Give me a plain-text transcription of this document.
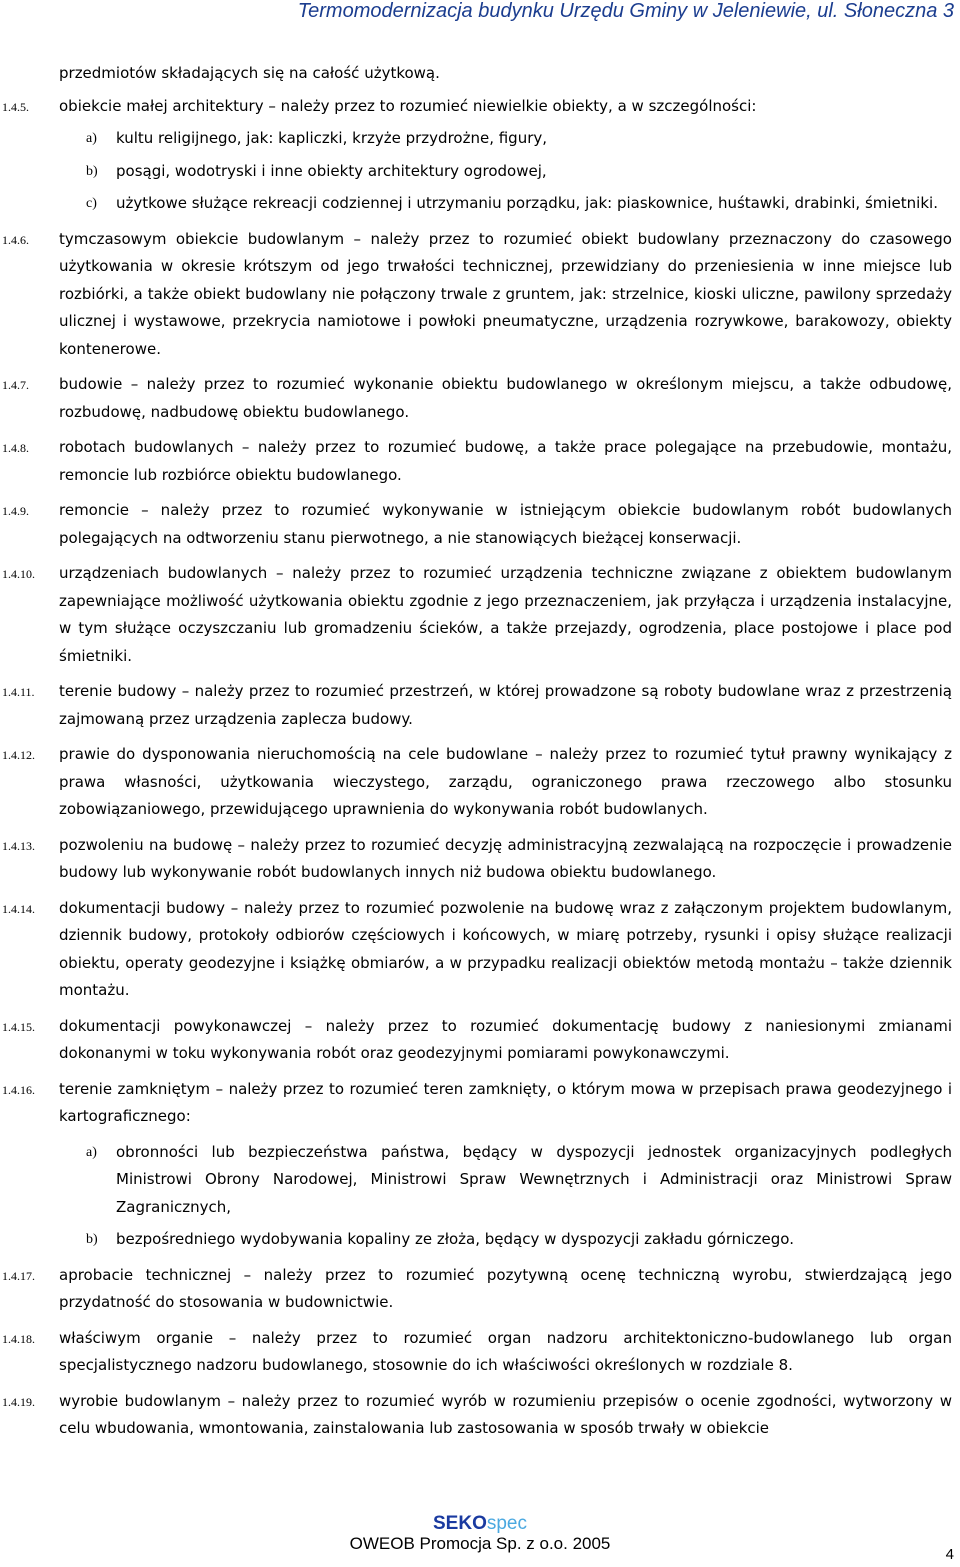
Termomodernizacja budynku Urzędu Gminy w Jeleniewie, ul. Słoneczna 3
przedmiotów składających się na całość użytkową.
1.4.5. obiekcie małej architektury – należy przez to rozumieć niewielkie obiekty, a w szczególności:
a) kultu religijnego, jak: kapliczki, krzyże przydrożne, figury,
b) posągi, wodotryski i inne obiekty architektury ogrodowej,
c) użytkowe służące rekreacji codziennej i utrzymaniu porządku, jak: piaskownice, huśtawki, drabinki, śmietniki.
1.4.6. tymczasowym obiekcie budowlanym – należy przez to rozumieć obiekt budowlany przeznaczony do czasowego użytkowania w okresie krótszym od jego trwałości technicznej, przewidziany do przeniesienia w inne miejsce lub rozbiórki, a także obiekt budowlany nie połączony trwale z gruntem, jak: strzelnice, kioski uliczne, pawilony sprzedaży ulicznej i wystawowe, przekrycia namiotowe i powłoki pneumatyczne, urządzenia rozrywkowe, barakowozy, obiekty kontenerowe.
1.4.7. budowie – należy przez to rozumieć wykonanie obiektu budowlanego w określonym miejscu, a także odbudowę, rozbudowę, nadbudowę obiektu budowlanego.
1.4.8. robotach budowlanych – należy przez to rozumieć budowę, a także prace polegające na przebudowie, montażu, remoncie lub rozbiórce obiektu budowlanego.
1.4.9. remoncie – należy przez to rozumieć wykonywanie w istniejącym obiekcie budowlanym robót budowlanych polegających na odtworzeniu stanu pierwotnego, a nie stanowiących bieżącej konserwacji.
1.4.10. urządzeniach budowlanych – należy przez to rozumieć urządzenia techniczne związane z obiektem budowlanym zapewniające możliwość użytkowania obiektu zgodnie z jego przeznaczeniem, jak przyłącza i urządzenia instalacyjne, w tym służące oczyszczaniu lub gromadzeniu ścieków, a także przejazdy, ogrodzenia, place postojowe i place pod śmietniki.
1.4.11. terenie budowy – należy przez to rozumieć przestrzeń, w której prowadzone są roboty budowlane wraz z przestrzenią zajmowaną przez urządzenia zaplecza budowy.
1.4.12. prawie do dysponowania nieruchomością na cele budowlane – należy przez to rozumieć tytuł prawny wynikający z prawa własności, użytkowania wieczystego, zarządu, ograniczonego prawa rzeczowego albo stosunku zobowiązaniowego, przewidującego uprawnienia do wykonywania robót budowlanych.
1.4.13. pozwoleniu na budowę – należy przez to rozumieć decyzję administracyjną zezwalającą na rozpoczęcie i prowadzenie budowy lub wykonywanie robót budowlanych innych niż budowa obiektu budowlanego.
1.4.14. dokumentacji budowy – należy przez to rozumieć pozwolenie na budowę wraz z załączonym projektem budowlanym, dziennik budowy, protokoły odbiorów częściowych i końcowych, w miarę potrzeby, rysunki i opisy służące realizacji obiektu, operaty geodezyjne i książkę obmiarów, a w przypadku realizacji obiektów metodą montażu – także dziennik montażu.
1.4.15. dokumentacji powykonawczej – należy przez to rozumieć dokumentację budowy z naniesionymi zmianami dokonanymi w toku wykonywania robót oraz geodezyjnymi pomiarami powykonawczymi.
1.4.16. terenie zamkniętym – należy przez to rozumieć teren zamknięty, o którym mowa w przepisach prawa geodezyjnego i kartograficznego:
a) obronności lub bezpieczeństwa państwa, będący w dyspozycji jednostek organizacyjnych podległych Ministrowi Obrony Narodowej, Ministrowi Spraw Wewnętrznych i Administracji oraz Ministrowi Spraw Zagranicznych,
b) bezpośredniego wydobywania kopaliny ze złoża, będący w dyspozycji zakładu górniczego.
1.4.17. aprobacie technicznej – należy przez to rozumieć pozytywną ocenę techniczną wyrobu, stwierdzającą jego przydatność do stosowania w budownictwie.
1.4.18. właściwym organie – należy przez to rozumieć organ nadzoru architektoniczno-budowlanego lub organ specjalistycznego nadzoru budowlanego, stosownie do ich właściwości określonych w rozdziale 8.
1.4.19. wyrobie budowlanym – należy przez to rozumieć wyrób w rozumieniu przepisów o ocenie zgodności, wytworzony w celu wbudowania, wmontowania, zainstalowania lub zastosowania w sposób trwały w obiekcie
SEKOspec
OWEOB Promocja Sp. z o.o. 2005
4
